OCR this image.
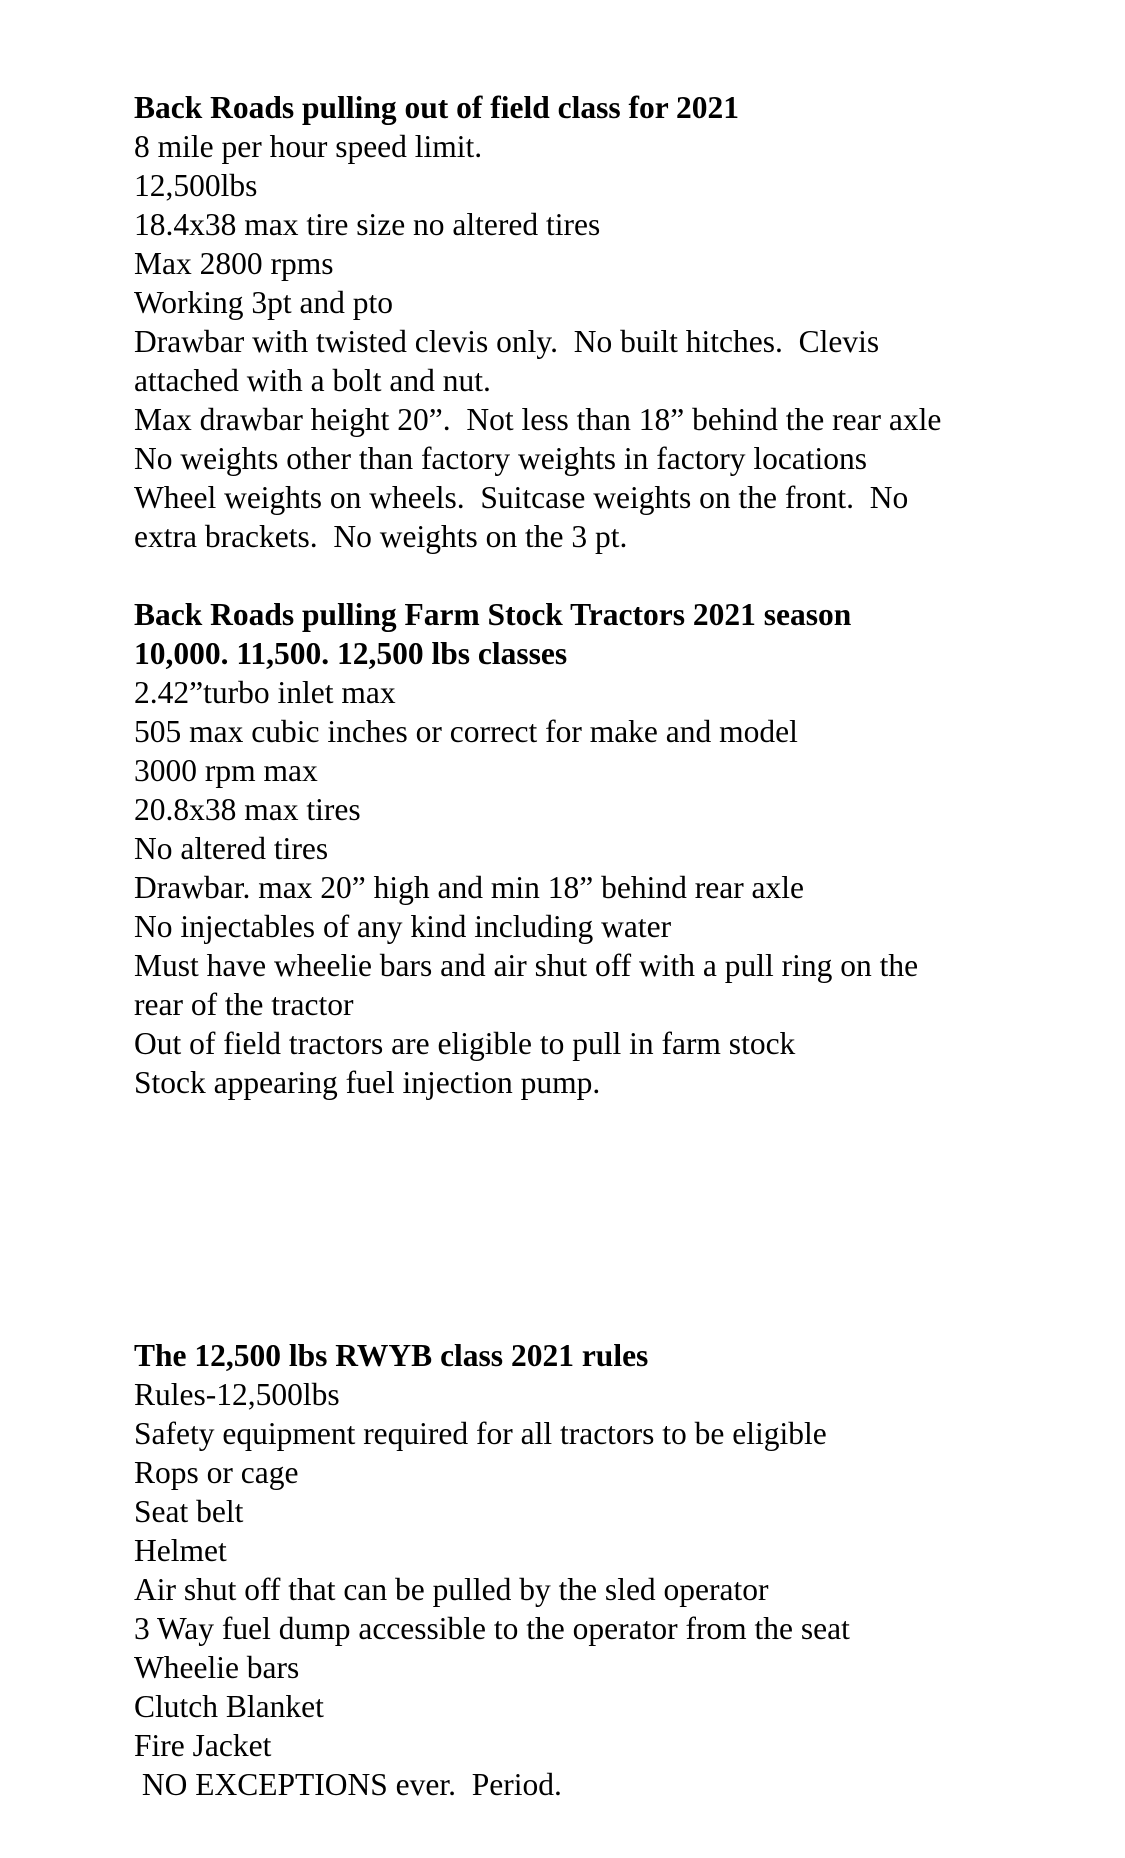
Back Roads pulling out of field class for 2021
8 mile per hour speed limit.
12,500lbs
18.4x38 max tire size no altered tires
Max 2800 rpms
Working 3pt and pto
Drawbar with twisted clevis only.  No built hitches.  Clevis
attached with a bolt and nut.
Max drawbar height 20”.  Not less than 18” behind the rear axle
No weights other than factory weights in factory locations
Wheel weights on wheels.  Suitcase weights on the front.  No
extra brackets.  No weights on the 3 pt.
Back Roads pulling Farm Stock Tractors 2021 season
10,000. 11,500. 12,500 lbs classes
2.42”turbo inlet max
505 max cubic inches or correct for make and model
3000 rpm max
20.8x38 max tires
No altered tires
Drawbar. max 20” high and min 18” behind rear axle
No injectables of any kind including water
Must have wheelie bars and air shut off with a pull ring on the
rear of the tractor
Out of field tractors are eligible to pull in farm stock
Stock appearing fuel injection pump.
The 12,500 lbs RWYB class 2021 rules
Rules-12,500lbs
Safety equipment required for all tractors to be eligible
Rops or cage
Seat belt
Helmet
Air shut off that can be pulled by the sled operator
3 Way fuel dump accessible to the operator from the seat
Wheelie bars
Clutch Blanket
Fire Jacket
NO EXCEPTIONS ever.  Period.
